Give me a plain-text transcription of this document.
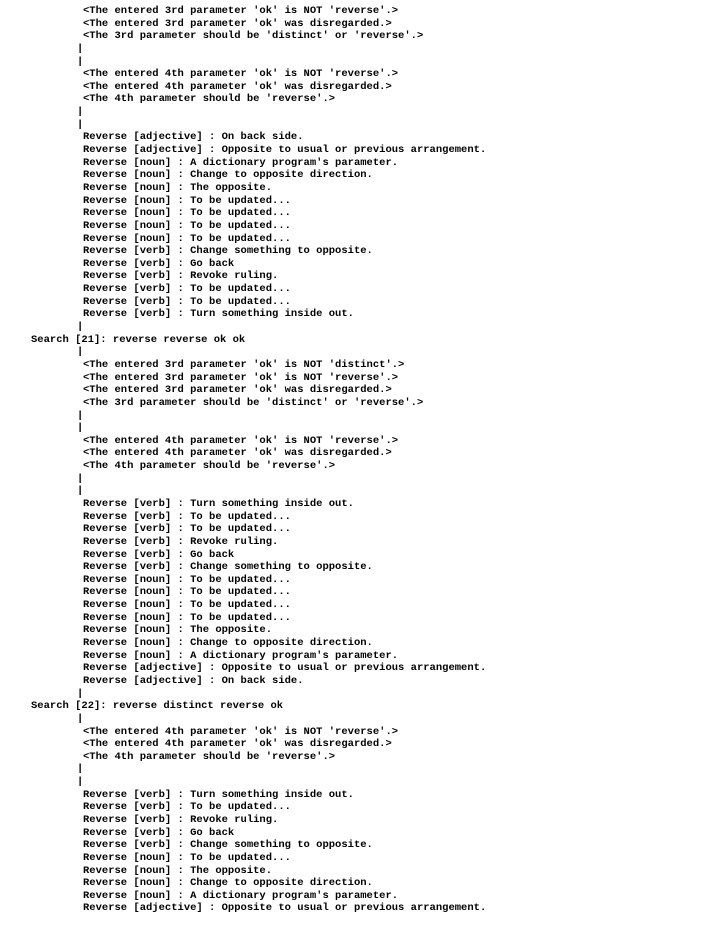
<The entered 3rd parameter 'ok' is NOT 'reverse'.>
<The entered 3rd parameter 'ok' was disregarded.>
<The 3rd parameter should be 'distinct' or 'reverse'.>
|
|
<The entered 4th parameter 'ok' is NOT 'reverse'.>
<The entered 4th parameter 'ok' was disregarded.>
<The 4th parameter should be 'reverse'.>
|
|
Reverse [adjective] : On back side.
Reverse [adjective] : Opposite to usual or previous arrangement.
Reverse [noun] : A dictionary program's parameter.
Reverse [noun] : Change to opposite direction.
Reverse [noun] : The opposite.
Reverse [noun] : To be updated...
Reverse [noun] : To be updated...
Reverse [noun] : To be updated...
Reverse [noun] : To be updated...
Reverse [verb] : Change something to opposite.
Reverse [verb] : Go back
Reverse [verb] : Revoke ruling.
Reverse [verb] : To be updated...
Reverse [verb] : To be updated...
Reverse [verb] : Turn something inside out.
|
Search [21]: reverse reverse ok ok
|
<The entered 3rd parameter 'ok' is NOT 'distinct'.>
<The entered 3rd parameter 'ok' is NOT 'reverse'.>
<The entered 3rd parameter 'ok' was disregarded.>
<The 3rd parameter should be 'distinct' or 'reverse'.>
|
|
<The entered 4th parameter 'ok' is NOT 'reverse'.>
<The entered 4th parameter 'ok' was disregarded.>
<The 4th parameter should be 'reverse'.>
|
|
Reverse [verb] : Turn something inside out.
Reverse [verb] : To be updated...
Reverse [verb] : To be updated...
Reverse [verb] : Revoke ruling.
Reverse [verb] : Go back
Reverse [verb] : Change something to opposite.
Reverse [noun] : To be updated...
Reverse [noun] : To be updated...
Reverse [noun] : To be updated...
Reverse [noun] : To be updated...
Reverse [noun] : The opposite.
Reverse [noun] : Change to opposite direction.
Reverse [noun] : A dictionary program's parameter.
Reverse [adjective] : Opposite to usual or previous arrangement.
Reverse [adjective] : On back side.
|
Search [22]: reverse distinct reverse ok
|
<The entered 4th parameter 'ok' is NOT 'reverse'.>
<The entered 4th parameter 'ok' was disregarded.>
<The 4th parameter should be 'reverse'.>
|
|
Reverse [verb] : Turn something inside out.
Reverse [verb] : To be updated...
Reverse [verb] : Revoke ruling.
Reverse [verb] : Go back
Reverse [verb] : Change something to opposite.
Reverse [noun] : To be updated...
Reverse [noun] : The opposite.
Reverse [noun] : Change to opposite direction.
Reverse [noun] : A dictionary program's parameter.
Reverse [adjective] : Opposite to usual or previous arrangement.
